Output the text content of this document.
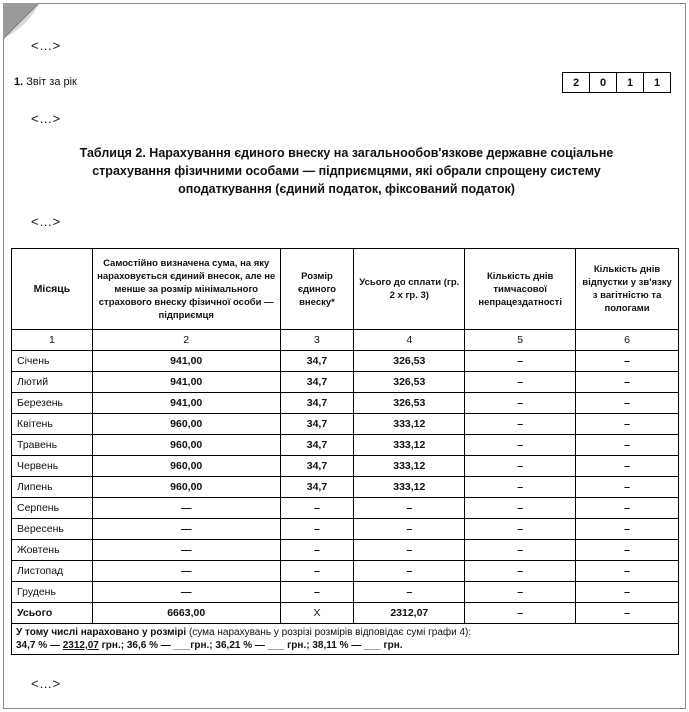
<…>
1. Звіт за рік	2	0	1	1
<…>
Таблиця 2. Нарахування єдиного внеску на загальнообов'язкове державне соціальне страхування фізичними особами — підприємцями, які обрали спрощену систему оподаткування (єдиний податок, фіксований податок)
<…>
Місяць	Самостійно визначена сума, на яку нараховується єдиний внесок, але не менше за розмір мінімального страхового внеску фізичної особи — підприємця	Розмір єдиного внеску*	Усього до сплати (гр. 2 х гр. 3)	Кількість днів тимчасової непрацездатності	Кількість днів відпустки у зв'язку з вагітністю та пологами
1	2	3	4	5	6
Січень	941,00	34,7	326,53	–	–
Лютий	941,00	34,7	326,53	–	–
Березень	941,00	34,7	326,53	–	–
Квітень	960,00	34,7	333,12	–	–
Травень	960,00	34,7	333,12	–	–
Червень	960,00	34,7	333,12	–	–
Липень	960,00	34,7	333,12	–	–
Серпень	—	–	–	–	–
Вересень	—	–	–	–	–
Жовтень	—	–	–	–	–
Листопад	—	–	–	–	–
Грудень	—	–	–	–	–
Усього	6663,00	Х	2312,07	–	–
У тому числі нараховано у розмірі (сума нарахувань у розрізі розмірів відповідає сумі графи 4):
34,7 % — 2312,07 грн.; 36,6 % — ___грн.; 36,21 % — ___ грн.; 38,11 % — ___ грн.					
<…>
